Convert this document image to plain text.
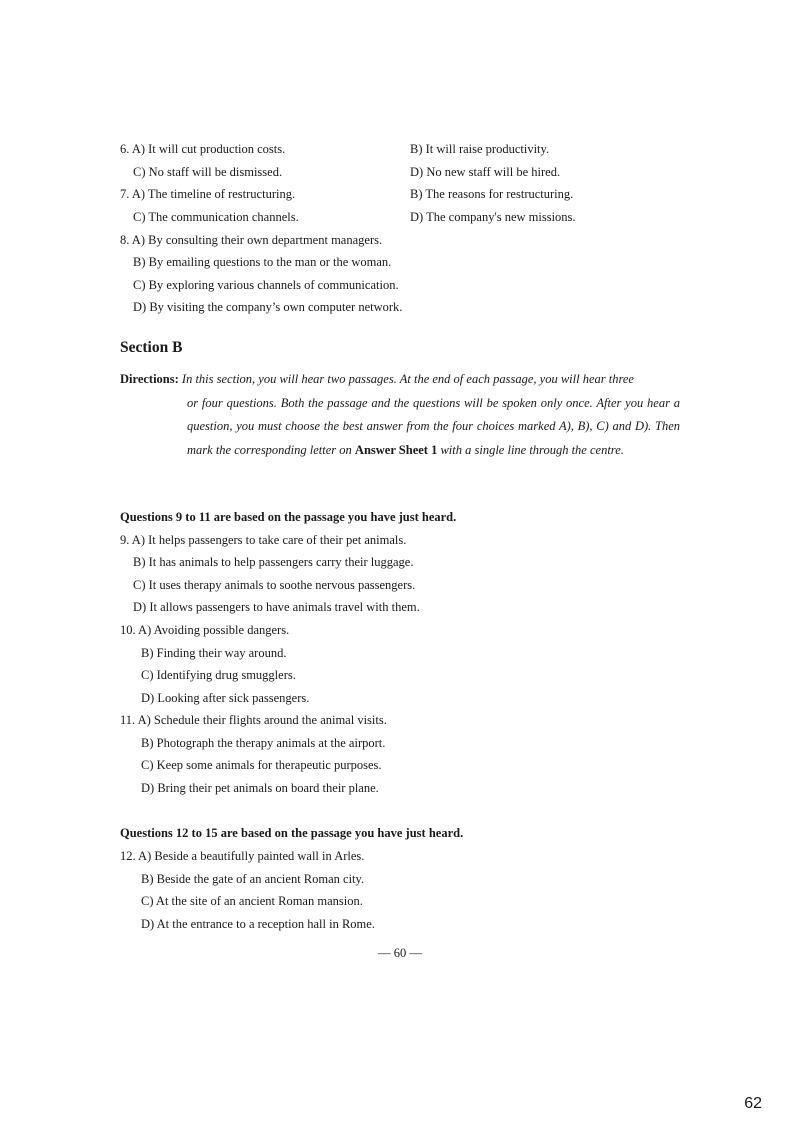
6. A) It will cut production costs.	B) It will raise productivity.
C) No staff will be dismissed.	D) No new staff will be hired.
7. A) The timeline of restructuring.	B) The reasons for restructuring.
C) The communication channels.	D) The company's new missions.
8. A) By consulting their own department managers.
B) By emailing questions to the man or the woman.
C) By exploring various channels of communication.
D) By visiting the company’s own computer network.
Section B
Directions: In this section, you will hear two passages. At the end of each passage, you will hear three
or four questions. Both the passage and the questions will be spoken only once. After you hear a question, you must choose the best answer from the four choices marked A), B), C) and D). Then mark the corresponding letter on Answer Sheet 1 with a single line through the centre.
Questions 9 to 11 are based on the passage you have just heard.
9. A) It helps passengers to take care of their pet animals.
B) It has animals to help passengers carry their luggage.
C) It uses therapy animals to soothe nervous passengers.
D) It allows passengers to have animals travel with them.
10. A) Avoiding possible dangers.
B) Finding their way around.
C) Identifying drug smugglers.
D) Looking after sick passengers.
11. A) Schedule their flights around the animal visits.
B) Photograph the therapy animals at the airport.
C) Keep some animals for therapeutic purposes.
D) Bring their pet animals on board their plane.
Questions 12 to 15 are based on the passage you have just heard.
12. A) Beside a beautifully painted wall in Arles.
B) Beside the gate of an ancient Roman city.
C) At the site of an ancient Roman mansion.
D) At the entrance to a reception hall in Rome.
— 60 —
62
